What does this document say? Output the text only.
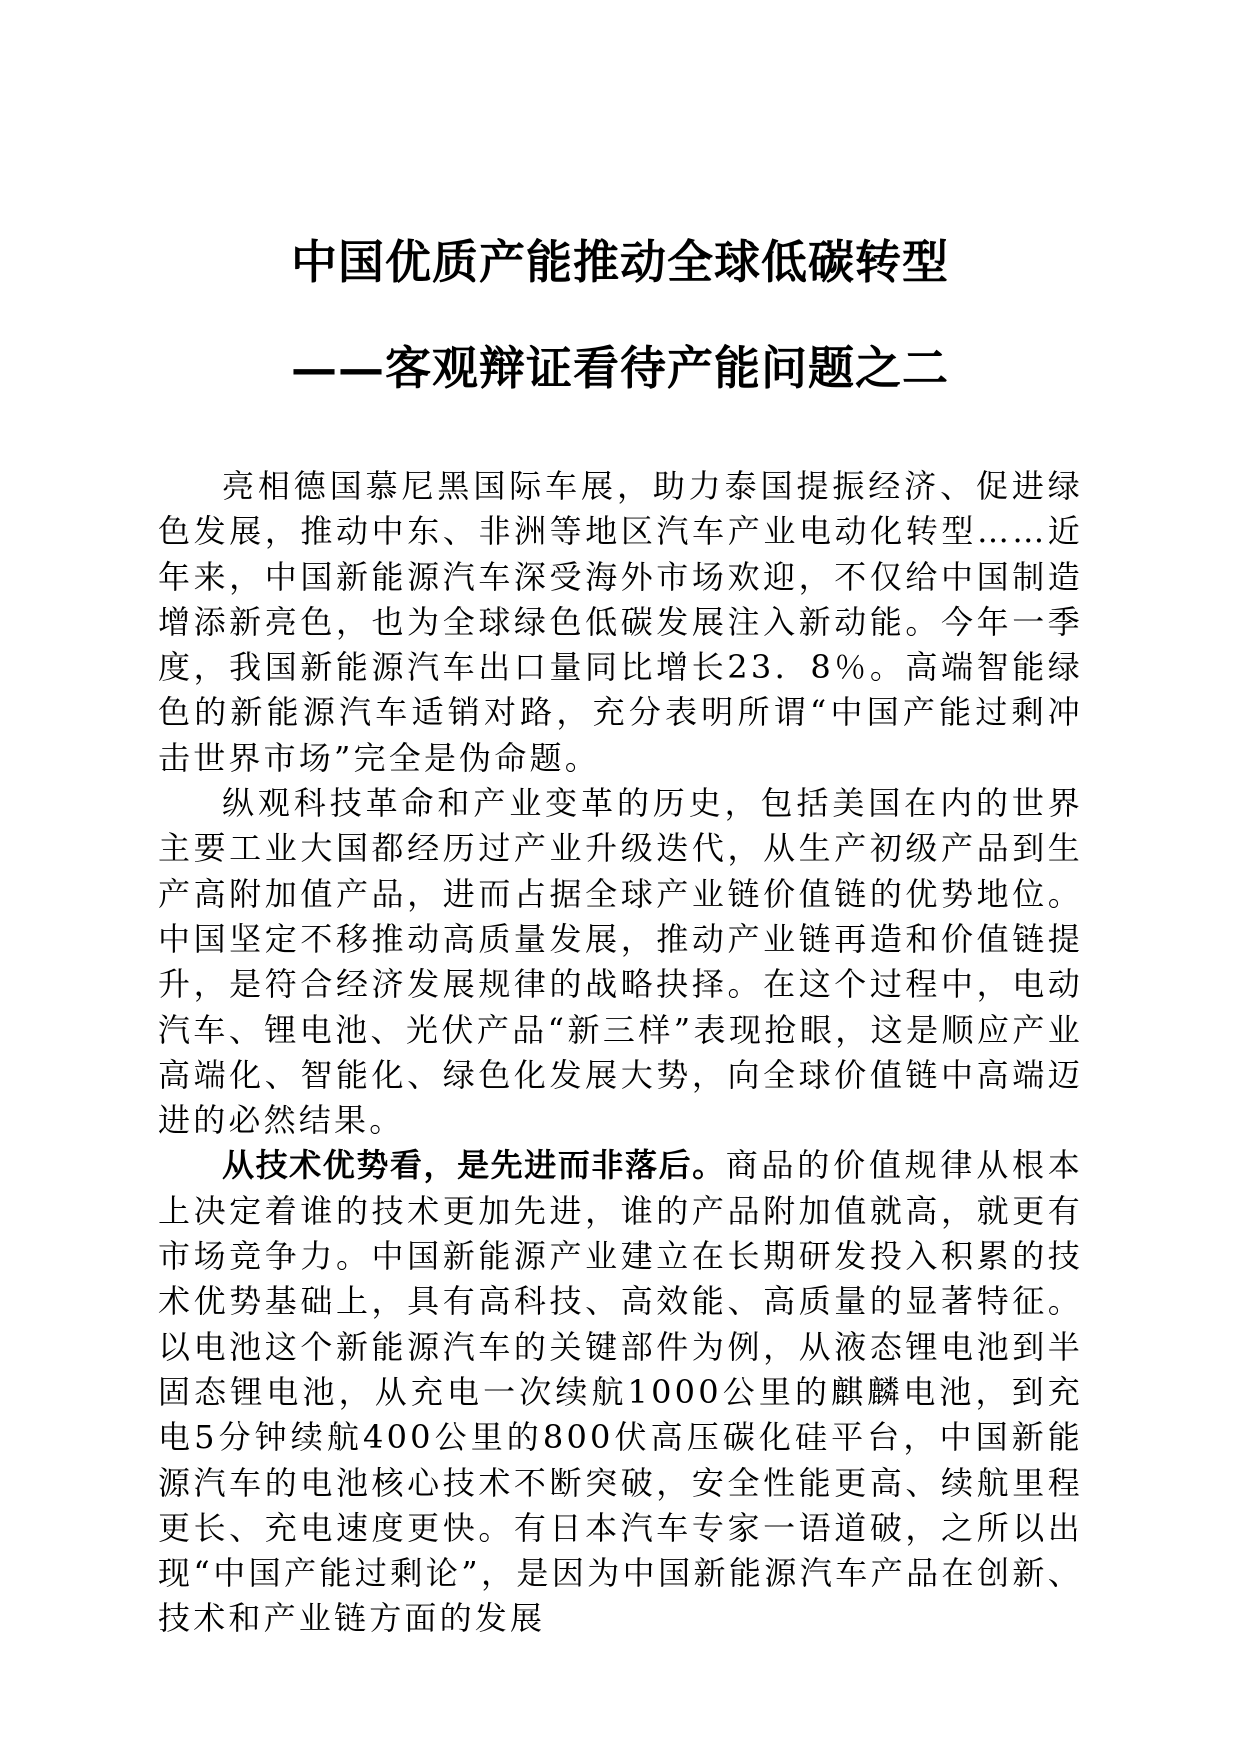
中国优质产能推动全球低碳转型
——客观辩证看待产能问题之二

亮相德国慕尼黑国际车展，助力泰国提振经济、促进绿色发展，推动中东、非洲等地区汽车产业电动化转型……近年来，中国新能源汽车深受海外市场欢迎，不仅给中国制造增添新亮色，也为全球绿色低碳发展注入新动能。今年一季度，我国新能源汽车出口量同比增长23．8％。高端智能绿色的新能源汽车适销对路，充分表明所谓“中国产能过剩冲击世界市场”完全是伪命题。

纵观科技革命和产业变革的历史，包括美国在内的世界主要工业大国都经历过产业升级迭代，从生产初级产品到生产高附加值产品，进而占据全球产业链价值链的优势地位。中国坚定不移推动高质量发展，推动产业链再造和价值链提升，是符合经济发展规律的战略抉择。在这个过程中，电动汽车、锂电池、光伏产品“新三样”表现抢眼，这是顺应产业高端化、智能化、绿色化发展大势，向全球价值链中高端迈进的必然结果。

从技术优势看，是先进而非落后。商品的价值规律从根本上决定着谁的技术更加先进，谁的产品附加值就高，就更有市场竞争力。中国新能源产业建立在长期研发投入积累的技术优势基础上，具有高科技、高效能、高质量的显著特征。以电池这个新能源汽车的关键部件为例，从液态锂电池到半固态锂电池，从充电一次续航1000公里的麒麟电池，到充电5分钟续航400公里的800伏高压碳化硅平台，中国新能源汽车的电池核心技术不断突破，安全性能更高、续航里程更长、充电速度更快。有日本汽车专家一语道破，之所以出现“中国产能过剩论”，是因为中国新能源汽车产品在创新、技术和产业链方面的发展
